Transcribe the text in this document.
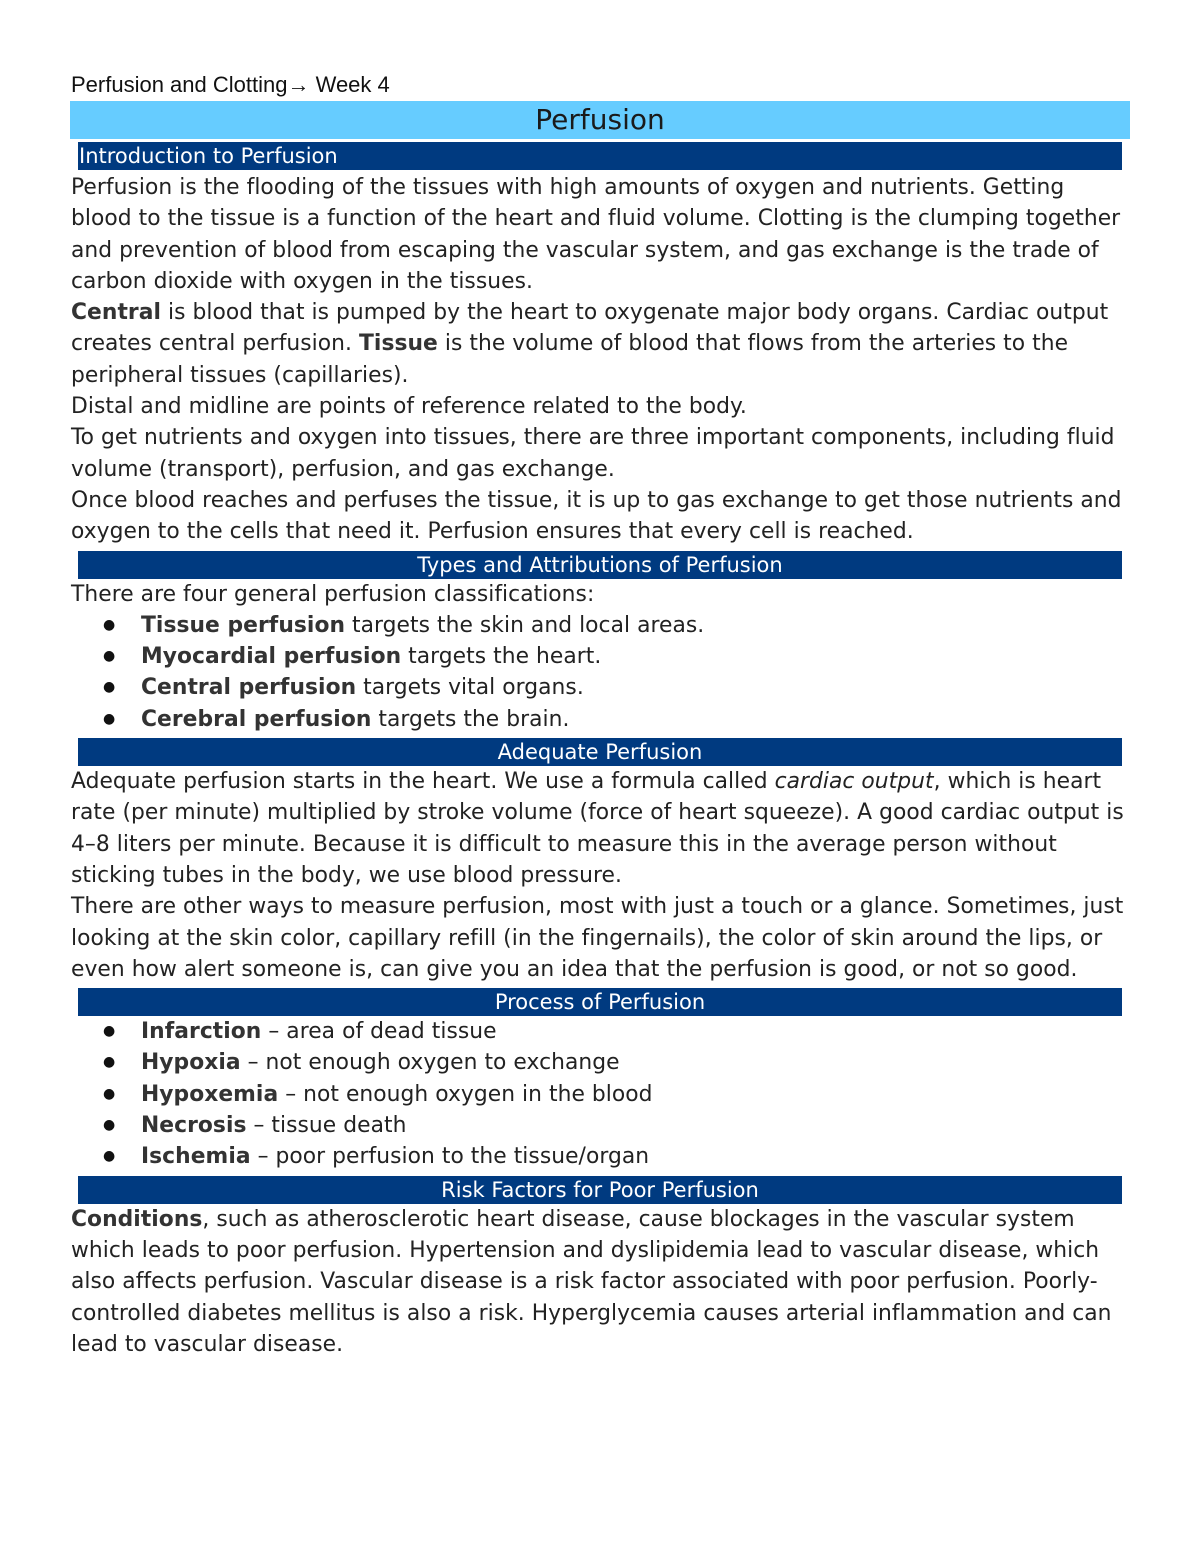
Perfusion and Clotting→ Week 4
Perfusion
Introduction to Perfusion

Perfusion is the flooding of the tissues with high amounts of oxygen and nutrients. Getting blood to the tissue is a function of the heart and fluid volume. Clotting is the clumping together and prevention of blood from escaping the vascular system, and gas exchange is the trade of carbon dioxide with oxygen in the tissues.

Central is blood that is pumped by the heart to oxygenate major body organs. Cardiac output creates central perfusion. Tissue is the volume of blood that flows from the arteries to the peripheral tissues (capillaries).

Distal and midline are points of reference related to the body.

To get nutrients and oxygen into tissues, there are three important components, including fluid volume (transport), perfusion, and gas exchange.

Once blood reaches and perfuses the tissue, it is up to gas exchange to get those nutrients and oxygen to the cells that need it. Perfusion ensures that every cell is reached.

Types and Attributions of Perfusion

There are four general perfusion classifications:

● Tissue perfusion targets the skin and local areas.
● Myocardial perfusion targets the heart.
● Central perfusion targets vital organs.
● Cerebral perfusion targets the brain.
Adequate Perfusion

Adequate perfusion starts in the heart. We use a formula called cardiac output, which is heart rate (per minute) multiplied by stroke volume (force of heart squeeze). A good cardiac output is 4–8 liters per minute. Because it is difficult to measure this in the average person without sticking tubes in the body, we use blood pressure.

There are other ways to measure perfusion, most with just a touch or a glance. Sometimes, just looking at the skin color, capillary refill (in the fingernails), the color of skin around the lips, or even how alert someone is, can give you an idea that the perfusion is good, or not so good.

Process of Perfusion
● Infarction – area of dead tissue
● Hypoxia – not enough oxygen to exchange
● Hypoxemia – not enough oxygen in the blood
● Necrosis – tissue death
● Ischemia – poor perfusion to the tissue/organ
Risk Factors for Poor Perfusion

Conditions, such as atherosclerotic heart disease, cause blockages in the vascular system which leads to poor perfusion. Hypertension and dyslipidemia lead to vascular disease, which also affects perfusion. Vascular disease is a risk factor associated with poor perfusion. Poorly-controlled diabetes mellitus is also a risk. Hyperglycemia causes arterial inflammation and can lead to vascular disease.
